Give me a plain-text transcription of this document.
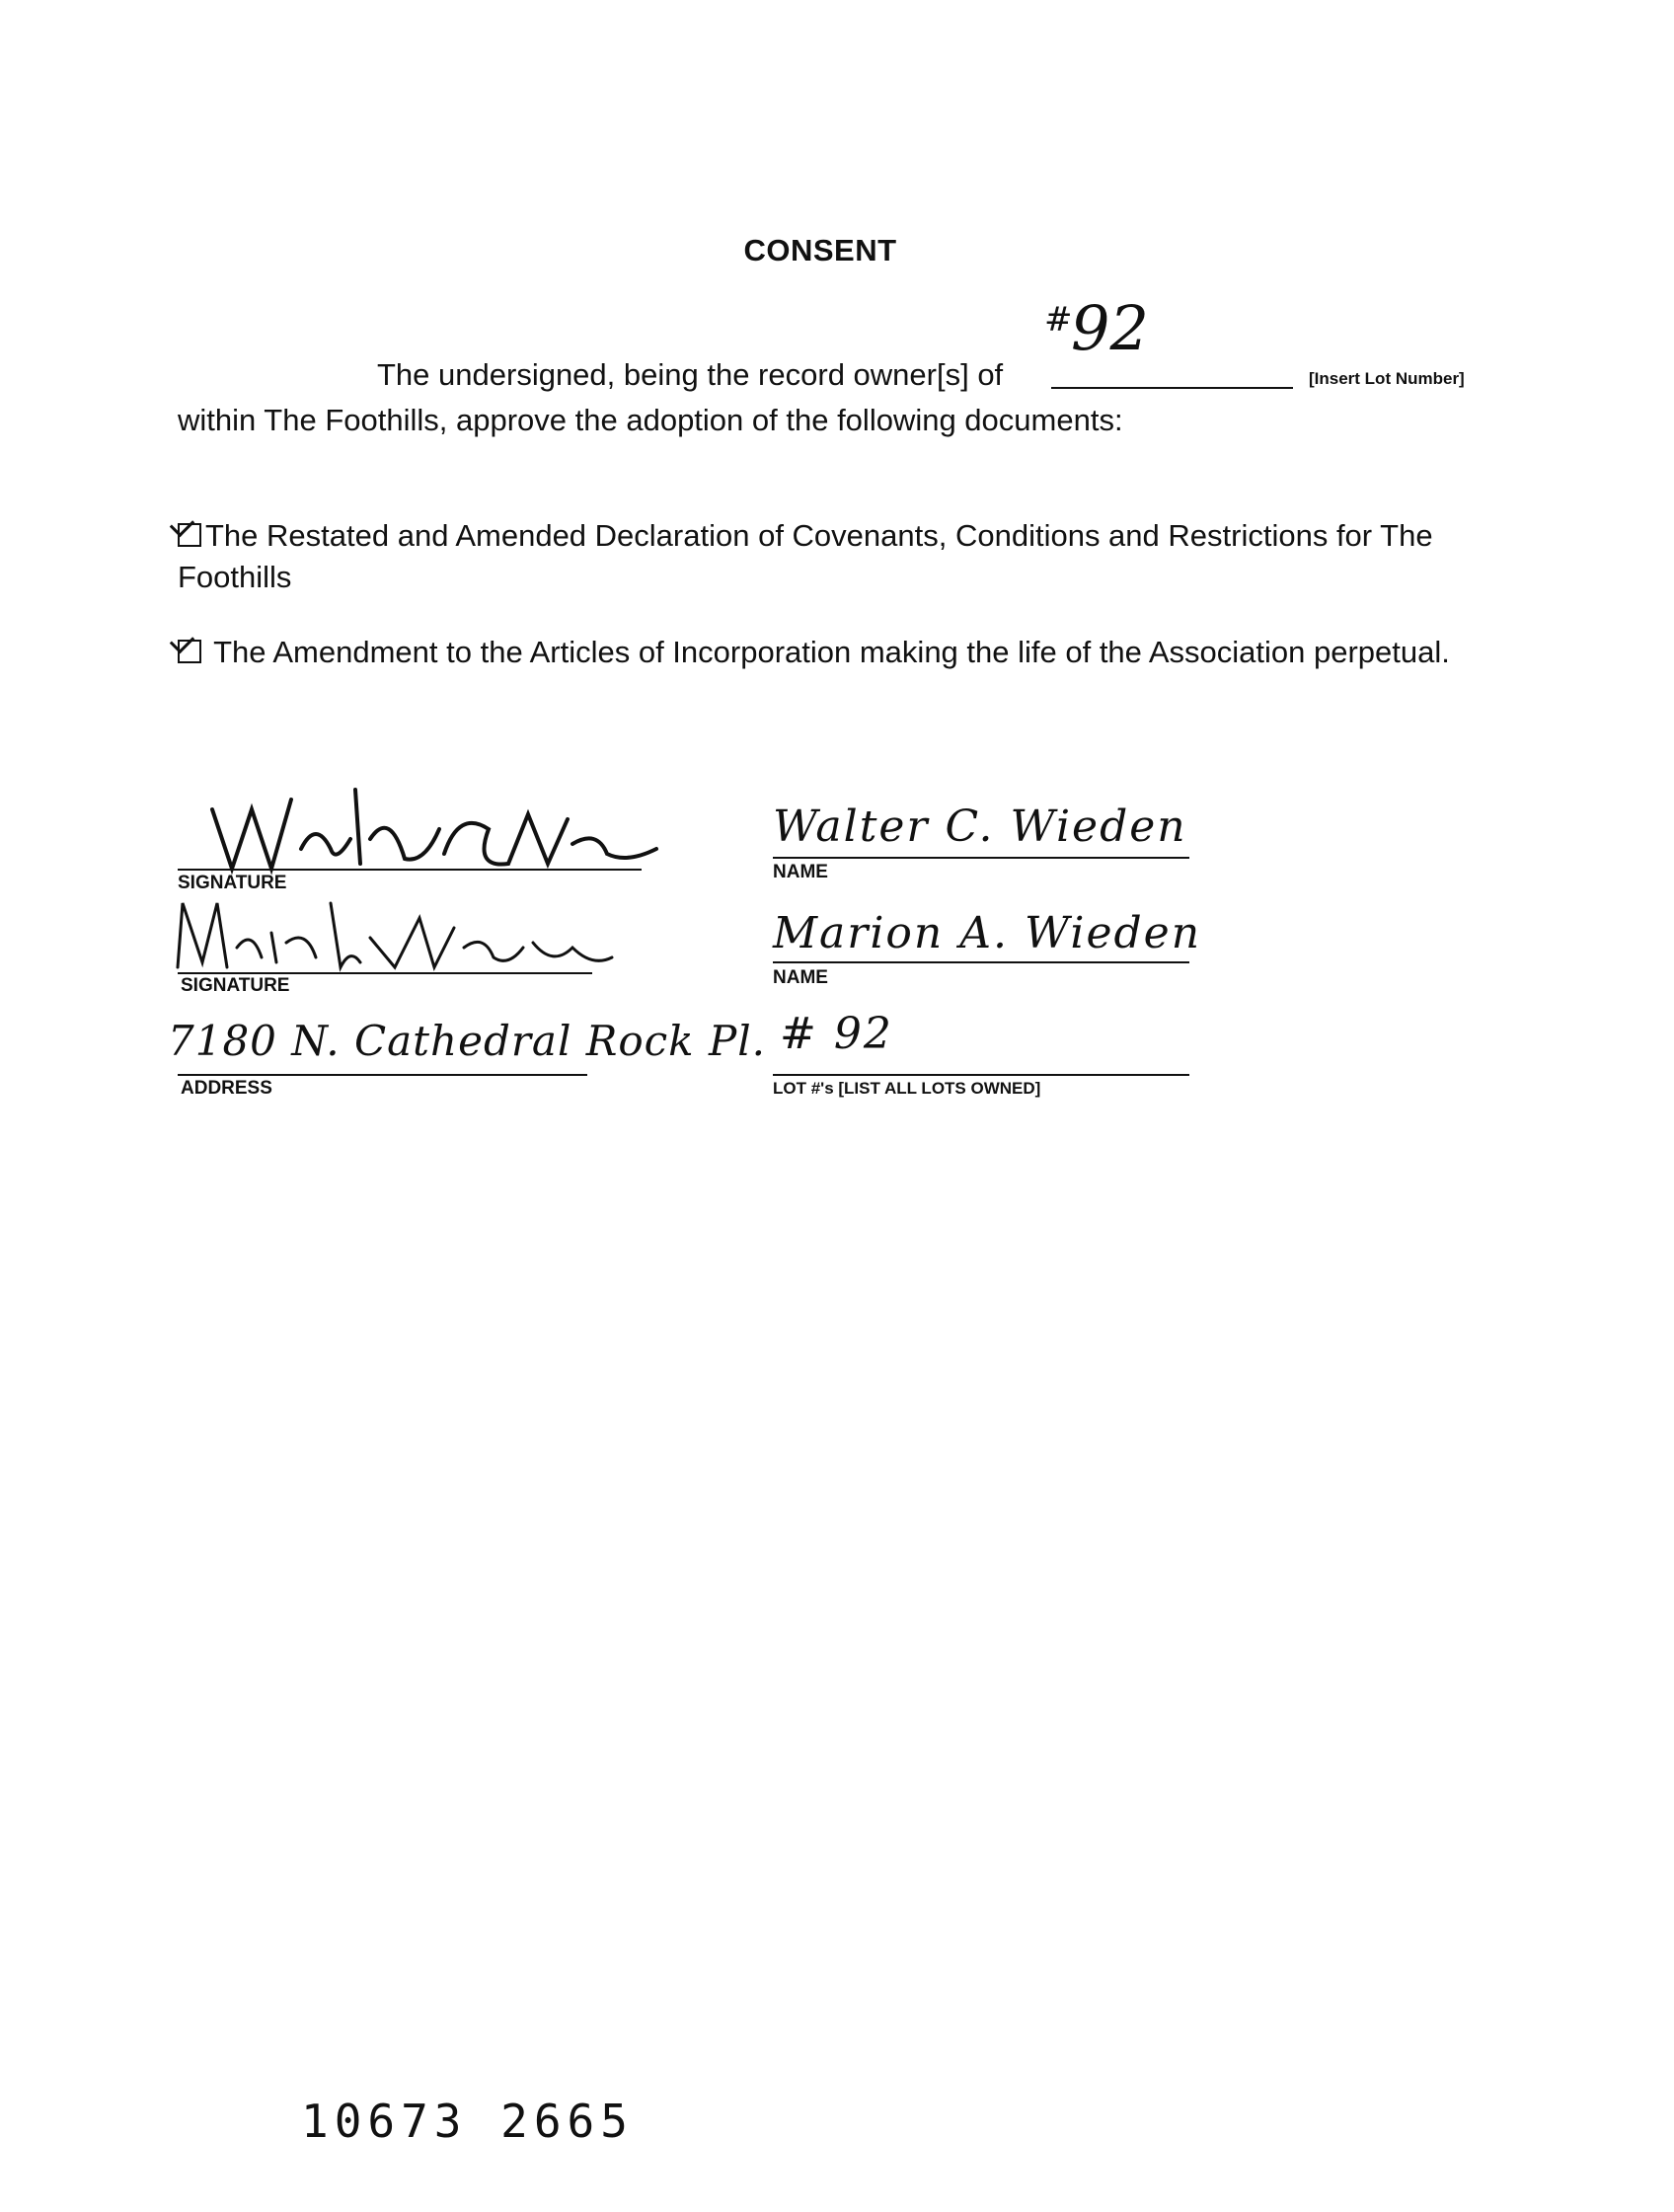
CONSENT
The undersigned, being the record owner[s] of
#
92
[Insert Lot Number]
within The Foothills, approve the adoption of the following documents:
The Restated and Amended Declaration of Covenants, Conditions and Restrictions for The Foothills
The Amendment to the Articles of Incorporation making the life of the Association perpetual.
SIGNATURE
Walter C. Wieden
NAME
SIGNATURE
Marion A. Wieden
NAME
7180 N. Cathedral Rock Pl.
ADDRESS
# 92
LOT #'s [LIST ALL LOTS OWNED]
10673 2665
